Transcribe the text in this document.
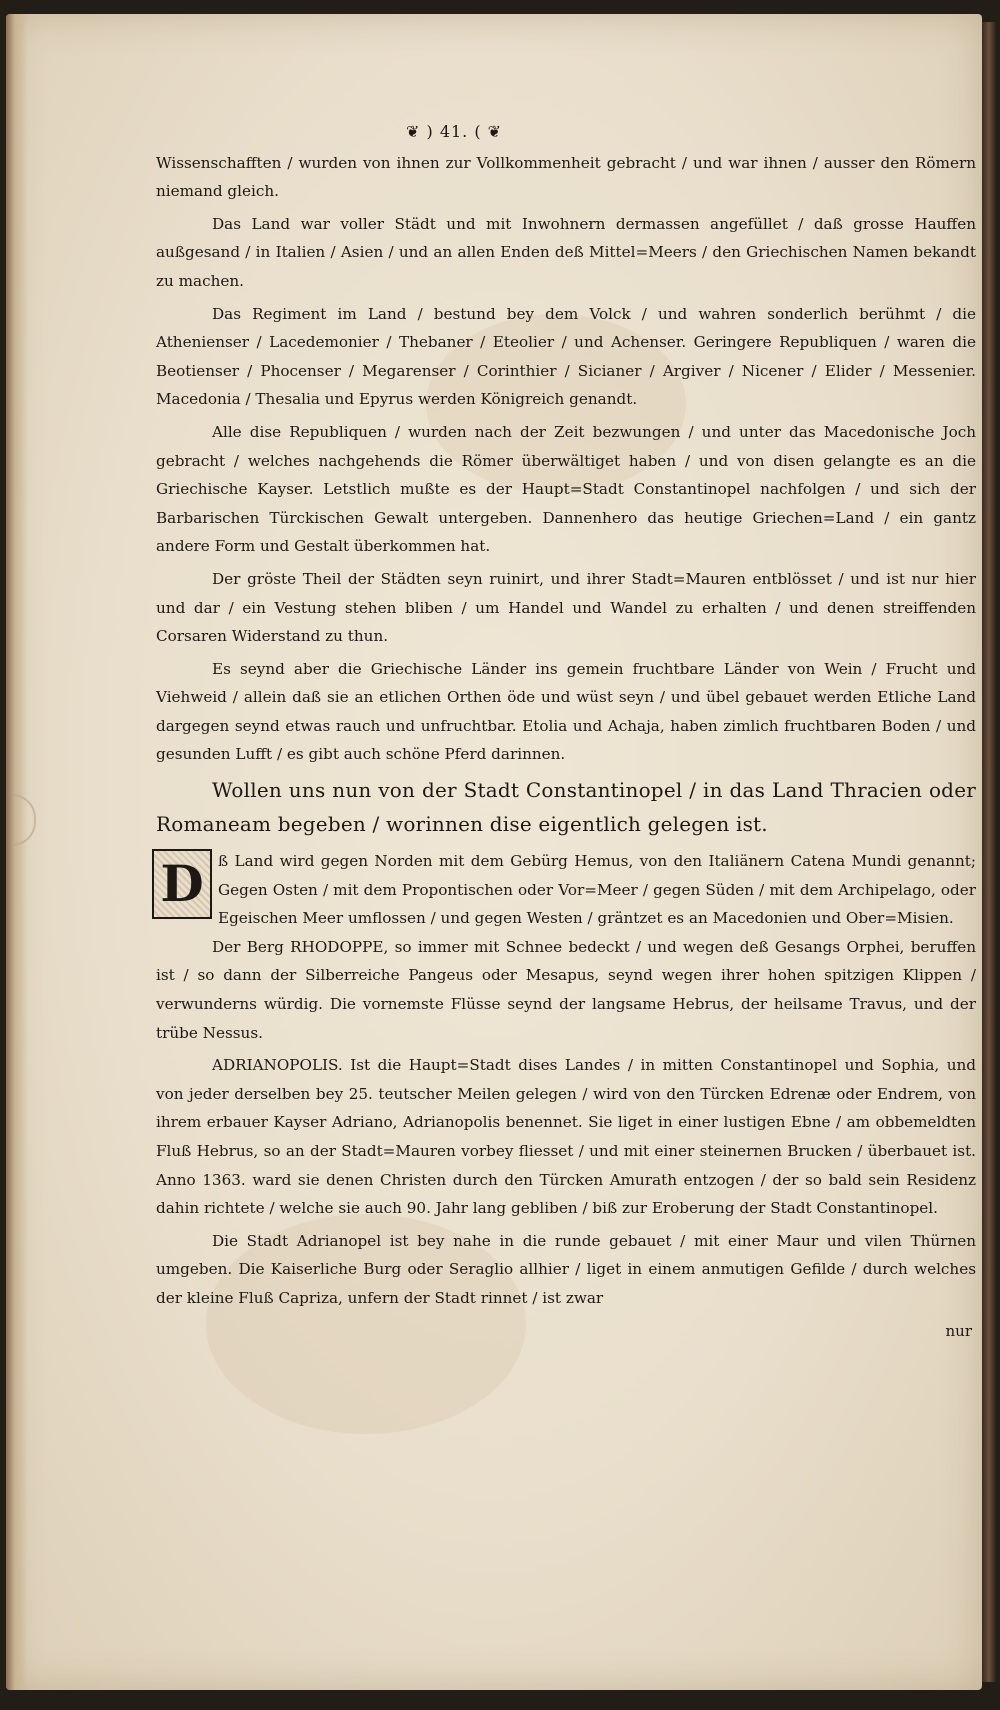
❦ ) 41. ( ❦

Wissenschafften / wurden von ihnen zur Vollkommenheit gebracht / und war ihnen / ausser den Römern niemand gleich.

Das Land war voller Städt und mit Inwohnern dermassen angefüllet / daß grosse Hauffen außgesand / in Italien / Asien / und an allen Enden deß Mittel=Meers / den Griechischen Namen bekandt zu machen.

Das Regiment im Land / bestund bey dem Volck / und wahren sonderlich berühmt / die Athenienser / Lacedemonier / Thebaner / Eteolier / und Achenser. Geringere Republiquen / waren die Beotienser / Phocenser / Megarenser / Corinthier / Sicianer / Argiver / Nicener / Elider / Messenier. Macedonia / Thesalia und Epyrus werden Königreich genandt.

Alle dise Republiquen / wurden nach der Zeit bezwungen / und unter das Macedonische Joch gebracht / welches nachgehends die Römer überwältiget haben / und von disen gelangte es an die Griechische Kayser. Letstlich mußte es der Haupt=Stadt Constantinopel nachfolgen / und sich der Barbarischen Türckischen Gewalt untergeben. Dannenhero das heutige Griechen=Land / ein gantz andere Form und Gestalt überkommen hat.

Der gröste Theil der Städten seyn ruinirt, und ihrer Stadt=Mauren entblösset / und ist nur hier und dar / ein Vestung stehen bliben / um Handel und Wandel zu erhalten / und denen streiffenden Corsaren Widerstand zu thun.

Es seynd aber die Griechische Länder ins gemein fruchtbare Länder von Wein / Frucht und Viehweid / allein daß sie an etlichen Orthen öde und wüst seyn / und übel gebauet werden Etliche Land dargegen seynd etwas rauch und unfruchtbar. Etolia und Achaja, haben zimlich fruchtbaren Boden / und gesunden Lufft / es gibt auch schöne Pferd darinnen.

Wollen uns nun von der Stadt Constantinopel / in das Land Thracien oder Romaneam begeben / worinnen dise eigentlich gelegen ist.

D ß Land wird gegen Norden mit dem Gebürg Hemus, von den Italiänern Catena Mundi genannt; Gegen Osten / mit dem Propontischen oder Vor=Meer / gegen Süden / mit dem Archipelago, oder Egeischen Meer umflossen / und gegen Westen / gräntzet es an Macedonien und Ober=Misien.

Der Berg RHODOPPE, so immer mit Schnee bedeckt / und wegen deß Gesangs Orphei, beruffen ist / so dann der Silberreiche Pangeus oder Mesapus, seynd wegen ihrer hohen spitzigen Klippen / verwunderns würdig. Die vornemste Flüsse seynd der langsame Hebrus, der heilsame Travus, und der trübe Nessus.

ADRIANOPOLIS. Ist die Haupt=Stadt dises Landes / in mitten Constantinopel und Sophia, und von jeder derselben bey 25. teutscher Meilen gelegen / wird von den Türcken Edrenæ oder Endrem, von ihrem erbauer Kayser Adriano, Adrianopolis benennet. Sie liget in einer lustigen Ebne / am obbemeldten Fluß Hebrus, so an der Stadt=Mauren vorbey fliesset / und mit einer steinernen Brucken / überbauet ist. Anno 1363. ward sie denen Christen durch den Türcken Amurath entzogen / der so bald sein Residenz dahin richtete / welche sie auch 90. Jahr lang gebliben / biß zur Eroberung der Stadt Constantinopel.

Die Stadt Adrianopel ist bey nahe in die runde gebauet / mit einer Maur und vilen Thürnen umgeben. Die Kaiserliche Burg oder Seraglio allhier / liget in einem anmutigen Gefilde / durch welches der kleine Fluß Capriza, unfern der Stadt rinnet / ist zwar

nur
